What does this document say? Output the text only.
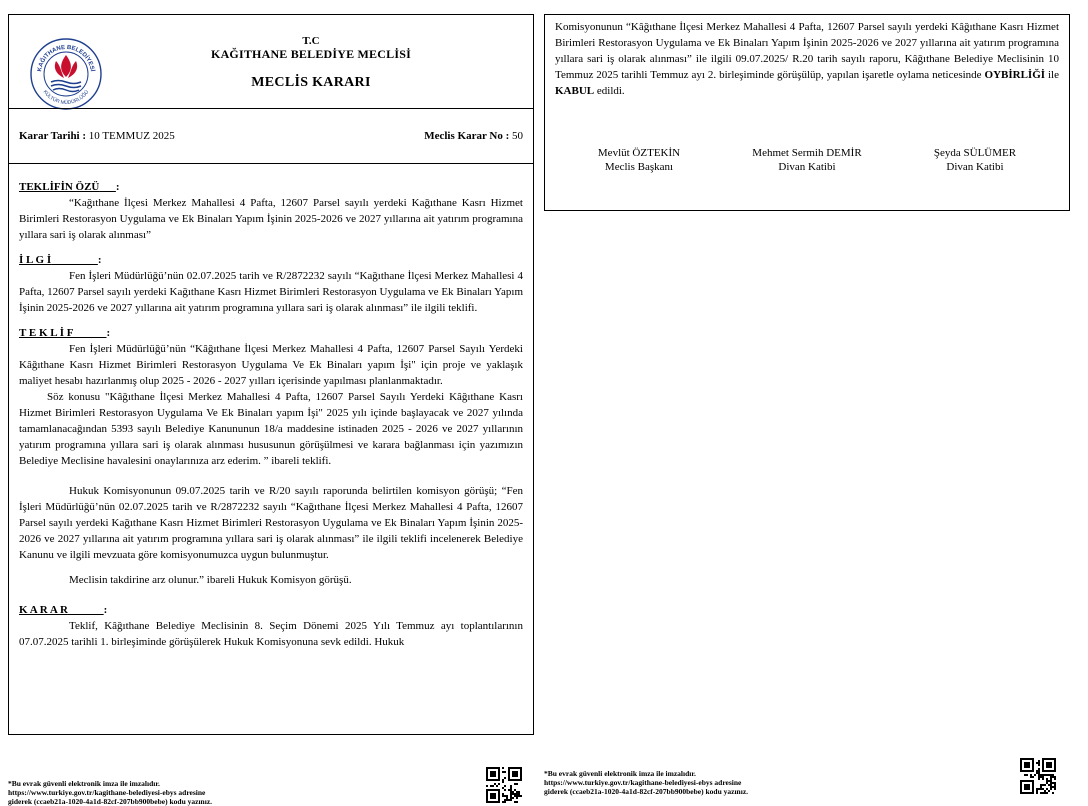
KAĞITHANE BELEDİYESİ
KÜLTÜR MÜDÜRLÜĞÜ
T.C
KAĞITHANE BELEDİYE MECLİSİ
MECLİS KARARI
Karar Tarihi : 10 TEMMUZ 2025	Meclis Karar No : 50
TEKLİFİN ÖZÜ :

“Kağıthane İlçesi Merkez Mahallesi 4 Pafta, 12607 Parsel sayılı yerdeki Kağıthane Kasrı Hizmet Birimleri Restorasyon Uygulama ve Ek Binaları Yapım İşinin 2025-2026 ve 2027 yıllarına ait yatırım programına yıllara sari iş olarak alınması”

İ L G İ	:

Fen İşleri Müdürlüğü’nün 02.07.2025 tarih ve R/2872232 sayılı “Kağıthane İlçesi Merkez Mahallesi 4 Pafta, 12607 Parsel sayılı yerdeki Kağıthane Kasrı Hizmet Birimleri Restorasyon Uygulama ve Ek Binaları Yapım İşinin 2025-2026 ve 2027 yıllarına ait yatırım programına yıllara sari iş olarak alınması” ile ilgili teklifi.

T E K L İ F	:

Fen İşleri Müdürlüğü’nün “Kâğıthane İlçesi Merkez Mahallesi 4 Pafta, 12607 Parsel Sayılı Yerdeki Kâğıthane Kasrı Hizmet Birimleri Restorasyon Uygulama Ve Ek Binaları yapım İşi" için proje ve yaklaşık maliyet hesabı hazırlanmış olup 2025 - 2026 - 2027 yılları içerisinde yapılması planlanmaktadır.

Söz konusu "Kâğıthane İlçesi Merkez Mahallesi 4 Pafta, 12607 Parsel Sayılı Yerdeki Kâğıthane Kasrı Hizmet Birimleri Restorasyon Uygulama Ve Ek Binaları yapım İşi" 2025 yılı içinde başlayacak ve 2027 yılında tamamlanacağından 5393 sayılı Belediye Kanununun 18/a maddesine istinaden 2025 - 2026 ve 2027 yıllarının yatırım programına yıllara sari iş olarak alınması hususunun görüşülmesi ve karara bağlanması için yazımızın Belediye Meclisine havalesini onaylarınıza arz ederim. ” ibareli teklifi.

Hukuk Komisyonunun 09.07.2025 tarih ve R/20 sayılı raporunda belirtilen komisyon görüşü; “Fen İşleri Müdürlüğü’nün 02.07.2025 tarih ve R/2872232 sayılı “Kağıthane İlçesi Merkez Mahallesi 4 Pafta, 12607 Parsel sayılı yerdeki Kağıthane Kasrı Hizmet Birimleri Restorasyon Uygulama ve Ek Binaları Yapım İşinin 2025-2026 ve 2027 yıllarına ait yatırım programına yıllara sari iş olarak alınması” ile ilgili teklifi incelenerek Belediye Kanunu ve ilgili mevzuata göre komisyonumuzca uygun bulunmuştur.

Meclisin takdirine arz olunur.” ibareli Hukuk Komisyon görüşü.

K A R A R	:

Teklif, Kâğıthane Belediye Meclisinin 8. Seçim Dönemi 2025 Yılı Temmuz ayı toplantılarının 07.07.2025 tarihli 1. birleşiminde görüşülerek Hukuk Komisyonuna sevk edildi. Hukuk

Komisyonunun “Kâğıthane İlçesi Merkez Mahallesi 4 Pafta, 12607 Parsel sayılı yerdeki Kâğıthane Kasrı Hizmet Birimleri Restorasyon Uygulama ve Ek Binaları Yapım İşinin 2025-2026 ve 2027 yıllarına ait yatırım programına yıllara sari iş olarak alınması” ile ilgili 09.07.2025/ R.20 tarih sayılı raporu, Kâğıthane Belediye Meclisinin 10 Temmuz 2025 tarihli Temmuz ayı 2. birleşiminde görüşülüp, yapılan işaretle oylama neticesinde OYBİRLİĞİ ile KABUL edildi.

Mevlüt ÖZTEKİN
Meclis Başkanı
Mehmet Sermih DEMİR
Divan Katibi
Şeyda SÜLÜMER
Divan Katibi
*Bu evrak güvenli elektronik imza ile imzalıdır.
https://www.turkiye.gov.tr/kagithane-belediyesi-ebys adresine
giderek (ccaeb21a-1020-4a1d-82cf-207bb900bebe) kodu yazınız.
*Bu evrak güvenli elektronik imza ile imzalıdır.
https://www.turkiye.gov.tr/kagithane-belediyesi-ebys adresine
giderek (ccaeb21a-1020-4a1d-82cf-207bb900bebe) kodu yazınız.
